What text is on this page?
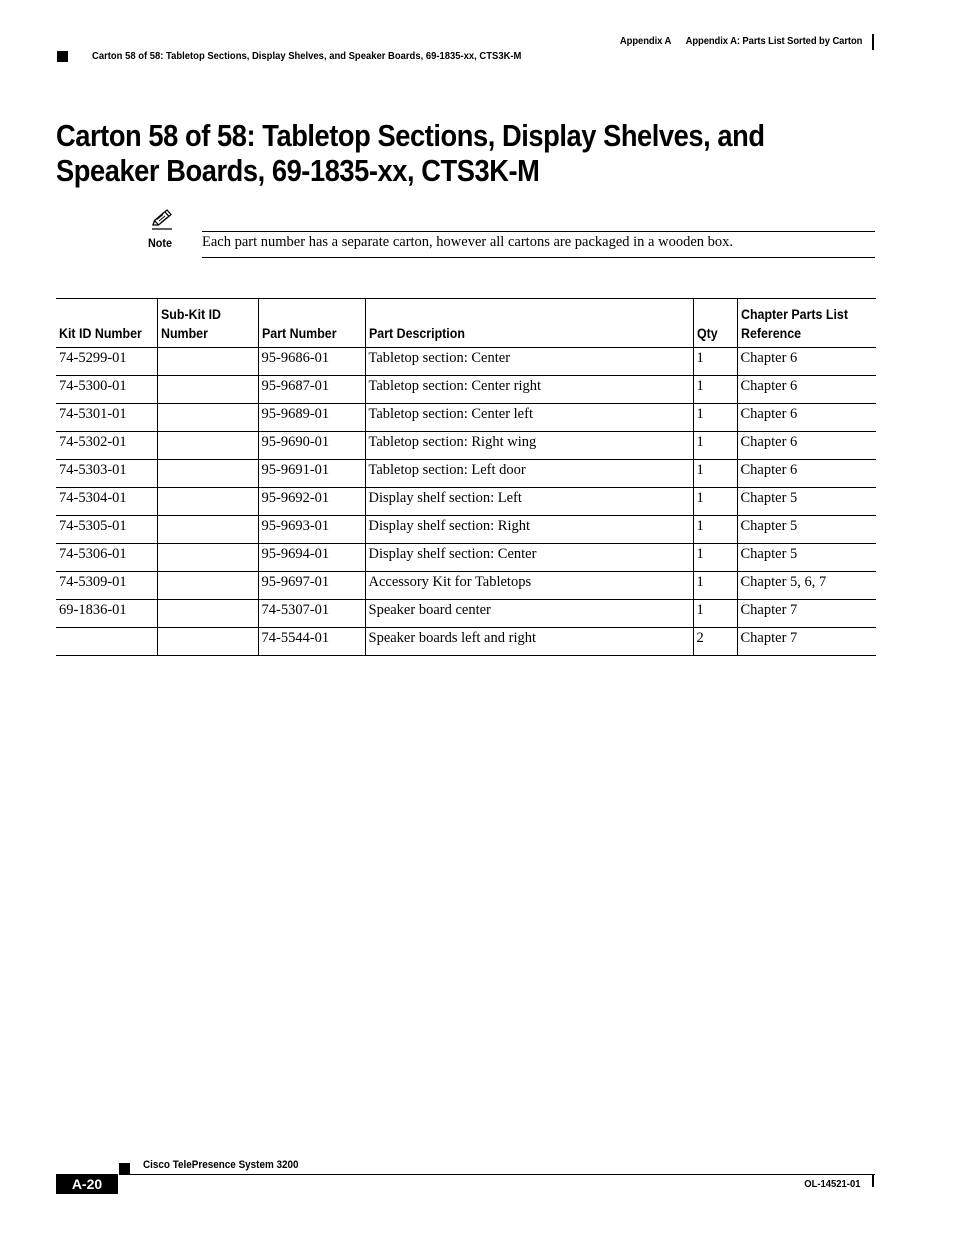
Appendix A Appendix A: Parts List Sorted by Carton
Carton 58 of 58: Tabletop Sections, Display Shelves, and Speaker Boards, 69-1835-xx, CTS3K-M
Carton 58 of 58: Tabletop Sections, Display Shelves, and
Speaker Boards, 69-1835-xx, CTS3K-M
Note Each part number has a separate carton, however all cartons are packaged in a wooden box.
Kit ID Number	Sub-Kit ID Number	Part Number	Part Description	Qty	Chapter Parts List Reference
74-5299-01		95-9686-01	Tabletop section: Center	1	Chapter 6
74-5300-01		95-9687-01	Tabletop section: Center right	1	Chapter 6
74-5301-01		95-9689-01	Tabletop section: Center left	1	Chapter 6
74-5302-01		95-9690-01	Tabletop section: Right wing	1	Chapter 6
74-5303-01		95-9691-01	Tabletop section: Left door	1	Chapter 6
74-5304-01		95-9692-01	Display shelf section: Left	1	Chapter 5
74-5305-01		95-9693-01	Display shelf section: Right	1	Chapter 5
74-5306-01		95-9694-01	Display shelf section: Center	1	Chapter 5
74-5309-01		95-9697-01	Accessory Kit for Tabletops	1	Chapter 5, 6, 7
69-1836-01		74-5307-01	Speaker board center	1	Chapter 7
		74-5544-01	Speaker boards left and right	2	Chapter 7
Cisco TelePresence System 3200
A-20	OL-14521-01
